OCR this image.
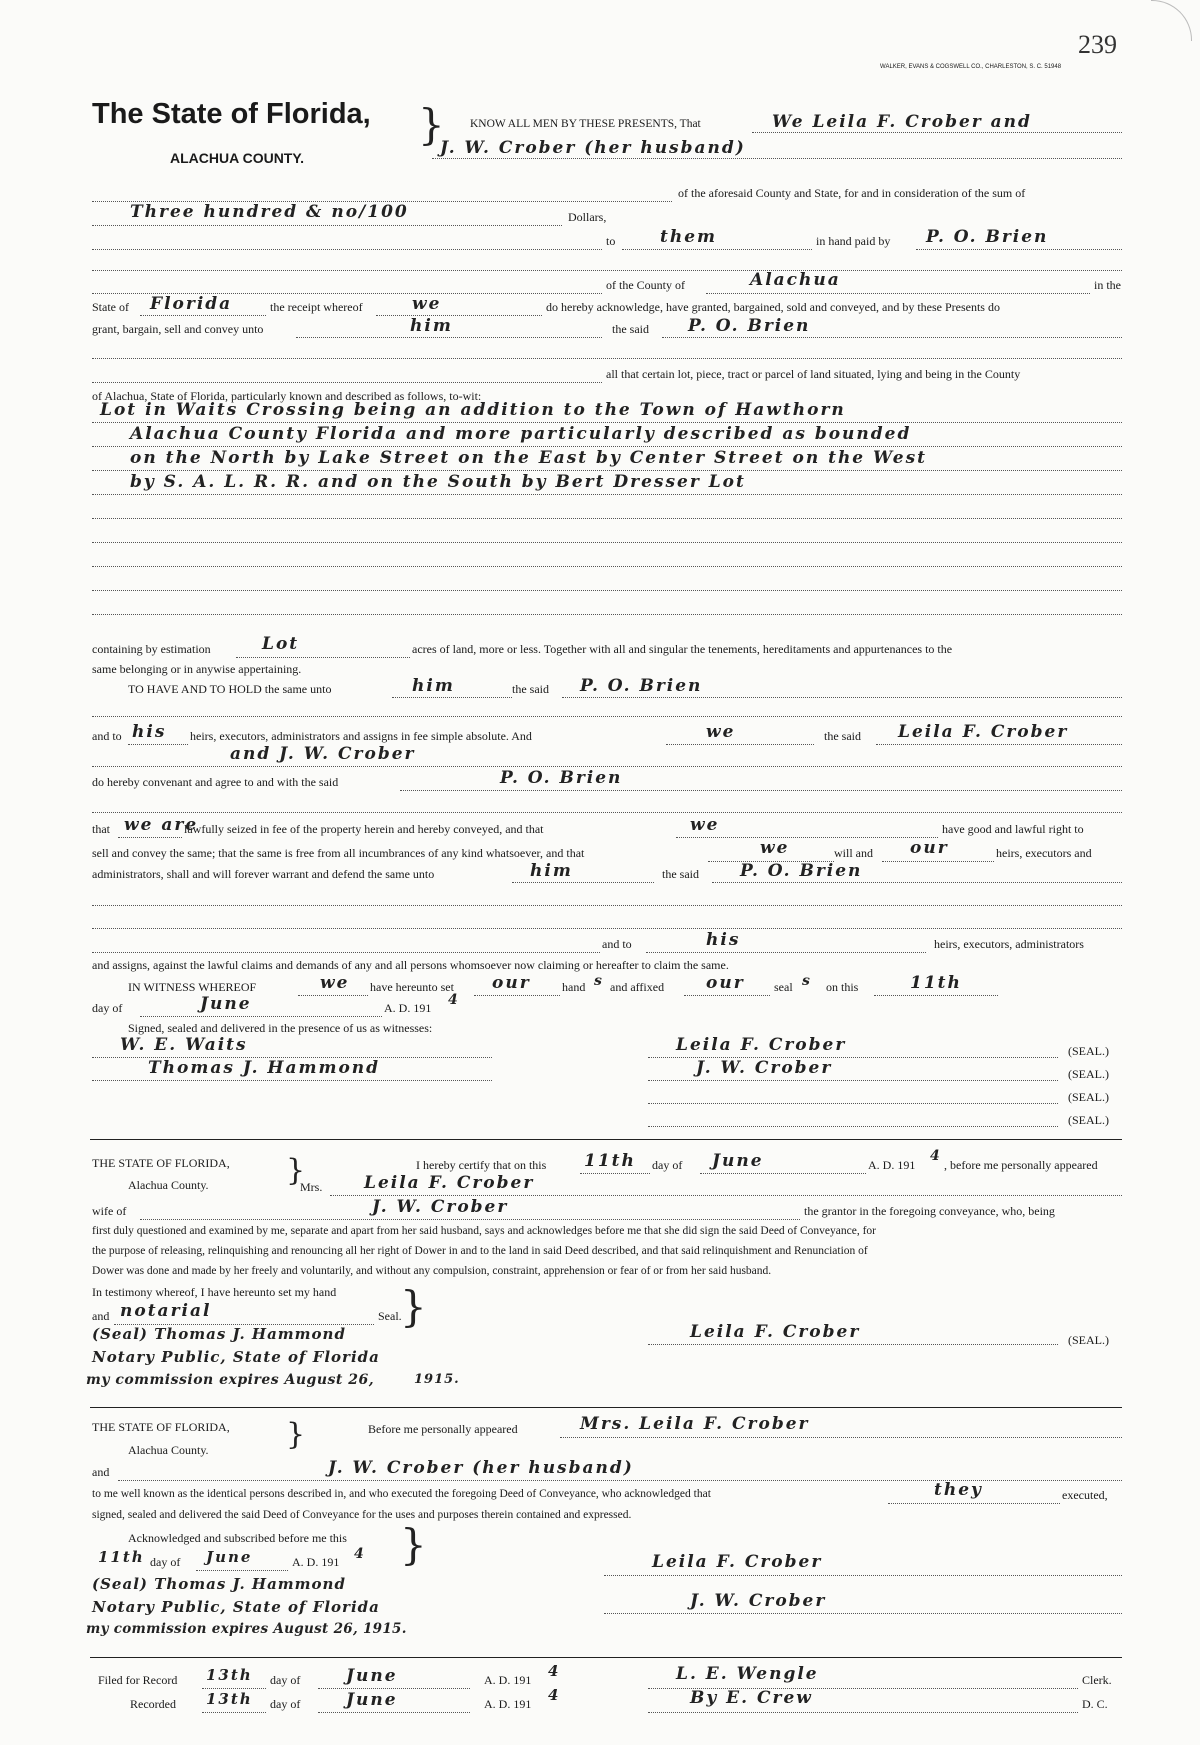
239
WALKER, EVANS & COGSWELL CO., CHARLESTON, S. C. 51948
The State of Florida,
ALACHUA COUNTY.
} KNOW ALL MEN BY THESE PRESENTS, That	We Leila F. Crober and
J. W. Crober (her husband)
of the aforesaid County and State, for and in consideration of the sum of
Three hundred & no/100	Dollars,
to	them	in hand paid by P. O. Brien
of the County of	Alachua	in the
State of Florida	the receipt whereof	we	do hereby acknowledge, have granted, bargained, sold and conveyed, and by these Presents do
grant, bargain, sell and convey unto	him	the said P. O. Brien
all that certain lot, piece, tract or parcel of land situated, lying and being in the County
of Alachua, State of Florida, particularly known and described as follows, to-wit:
Lot in Waits Crossing being an addition to the Town of Hawthorn
Alachua County Florida and more particularly described as bounded
on the North by Lake Street on the East by Center Street on the West
by S. A. L. R. R. and on the South by Bert Dresser Lot
containing by estimation	Lot	acres of land, more or less. Together with all and singular the tenements, hereditaments and appurtenances to the
same belonging or in anywise appertaining.
TO HAVE AND TO HOLD the same unto	him	the said P. O. Brien
and to his heirs, executors, administrators and assigns in fee simple absolute. And	we	the said Leila F. Crober
and J. W. Crober
do hereby convenant and agree to and with the said	P. O. Brien
that we are
lawfully seized in fee of the property herein and hereby conveyed, and that	we	have good and lawful right to
sell and convey the same; that the same is free from all incumbrances of any kind whatsoever, and that	we	will and our	heirs, executors and
administrators, shall and will forever warrant and defend the same unto	him	the said P. O. Brien
and to	his	heirs, executors, administrators
and assigns, against the lawful claims and demands of any and all persons whomsoever now claiming or hereafter to claim the same.
IN WITNESS WHEREOF	we have hereunto set our	hand s and affixed our seal s on this	11th
day of	June	A. D. 191 4
Signed, sealed and delivered in the presence of us as witnesses:
W. E. Waits
Thomas J. Hammond
Leila F. Crober	(SEAL.)
J. W. Crober	(SEAL.)
(SEAL.)
(SEAL.)
THE STATE OF FLORIDA,
Alachua County.	}	I hereby certify that on this 11th day of June	A. D. 191
4
, before me personally appeared
Mrs. Leila F. Crober
wife of	J. W. Crober	the grantor in the foregoing conveyance, who, being
first duly questioned and examined by me, separate and apart from her said husband, says and acknowledges before me that she did sign the said Deed of Conveyance, for
the purpose of releasing, relinquishing and renouncing all her right of Dower in and to the land in said Deed described, and that said relinquishment and Renunciation of
Dower was done and made by her freely and voluntarily, and without any compulsion, constraint, apprehension or fear of or from her said husband.
In testimony whereof, I have hereunto set my hand
and notarial	Seal.
}
(Seal) Thomas J. Hammond
Notary Public, State of Florida
my commission expires August 26,	1915.
Leila F. Crober	(SEAL.)
THE STATE OF FLORIDA,
Alachua County.	}	Before me personally appeared	Mrs. Leila F. Crober
and	J. W. Crober (her husband)
to me well known as the identical persons described in, and who executed the foregoing Deed of Conveyance, who acknowledged that	they	executed,
signed, sealed and delivered the said Deed of Conveyance for the uses and purposes therein contained and expressed.
Acknowledged and subscribed before me this }
11th day of June	A. D. 191 4
(Seal) Thomas J. Hammond
Notary Public, State of Florida
my commission expires August 26, 1915.
Leila F. Crober
J. W. Crober
Filed for Record 13th day of	June	A. D. 191 4	L. E. Wengle	Clerk.
Recorded 13th day of	June	A. D. 191 4	By E. Crew	D. C.
